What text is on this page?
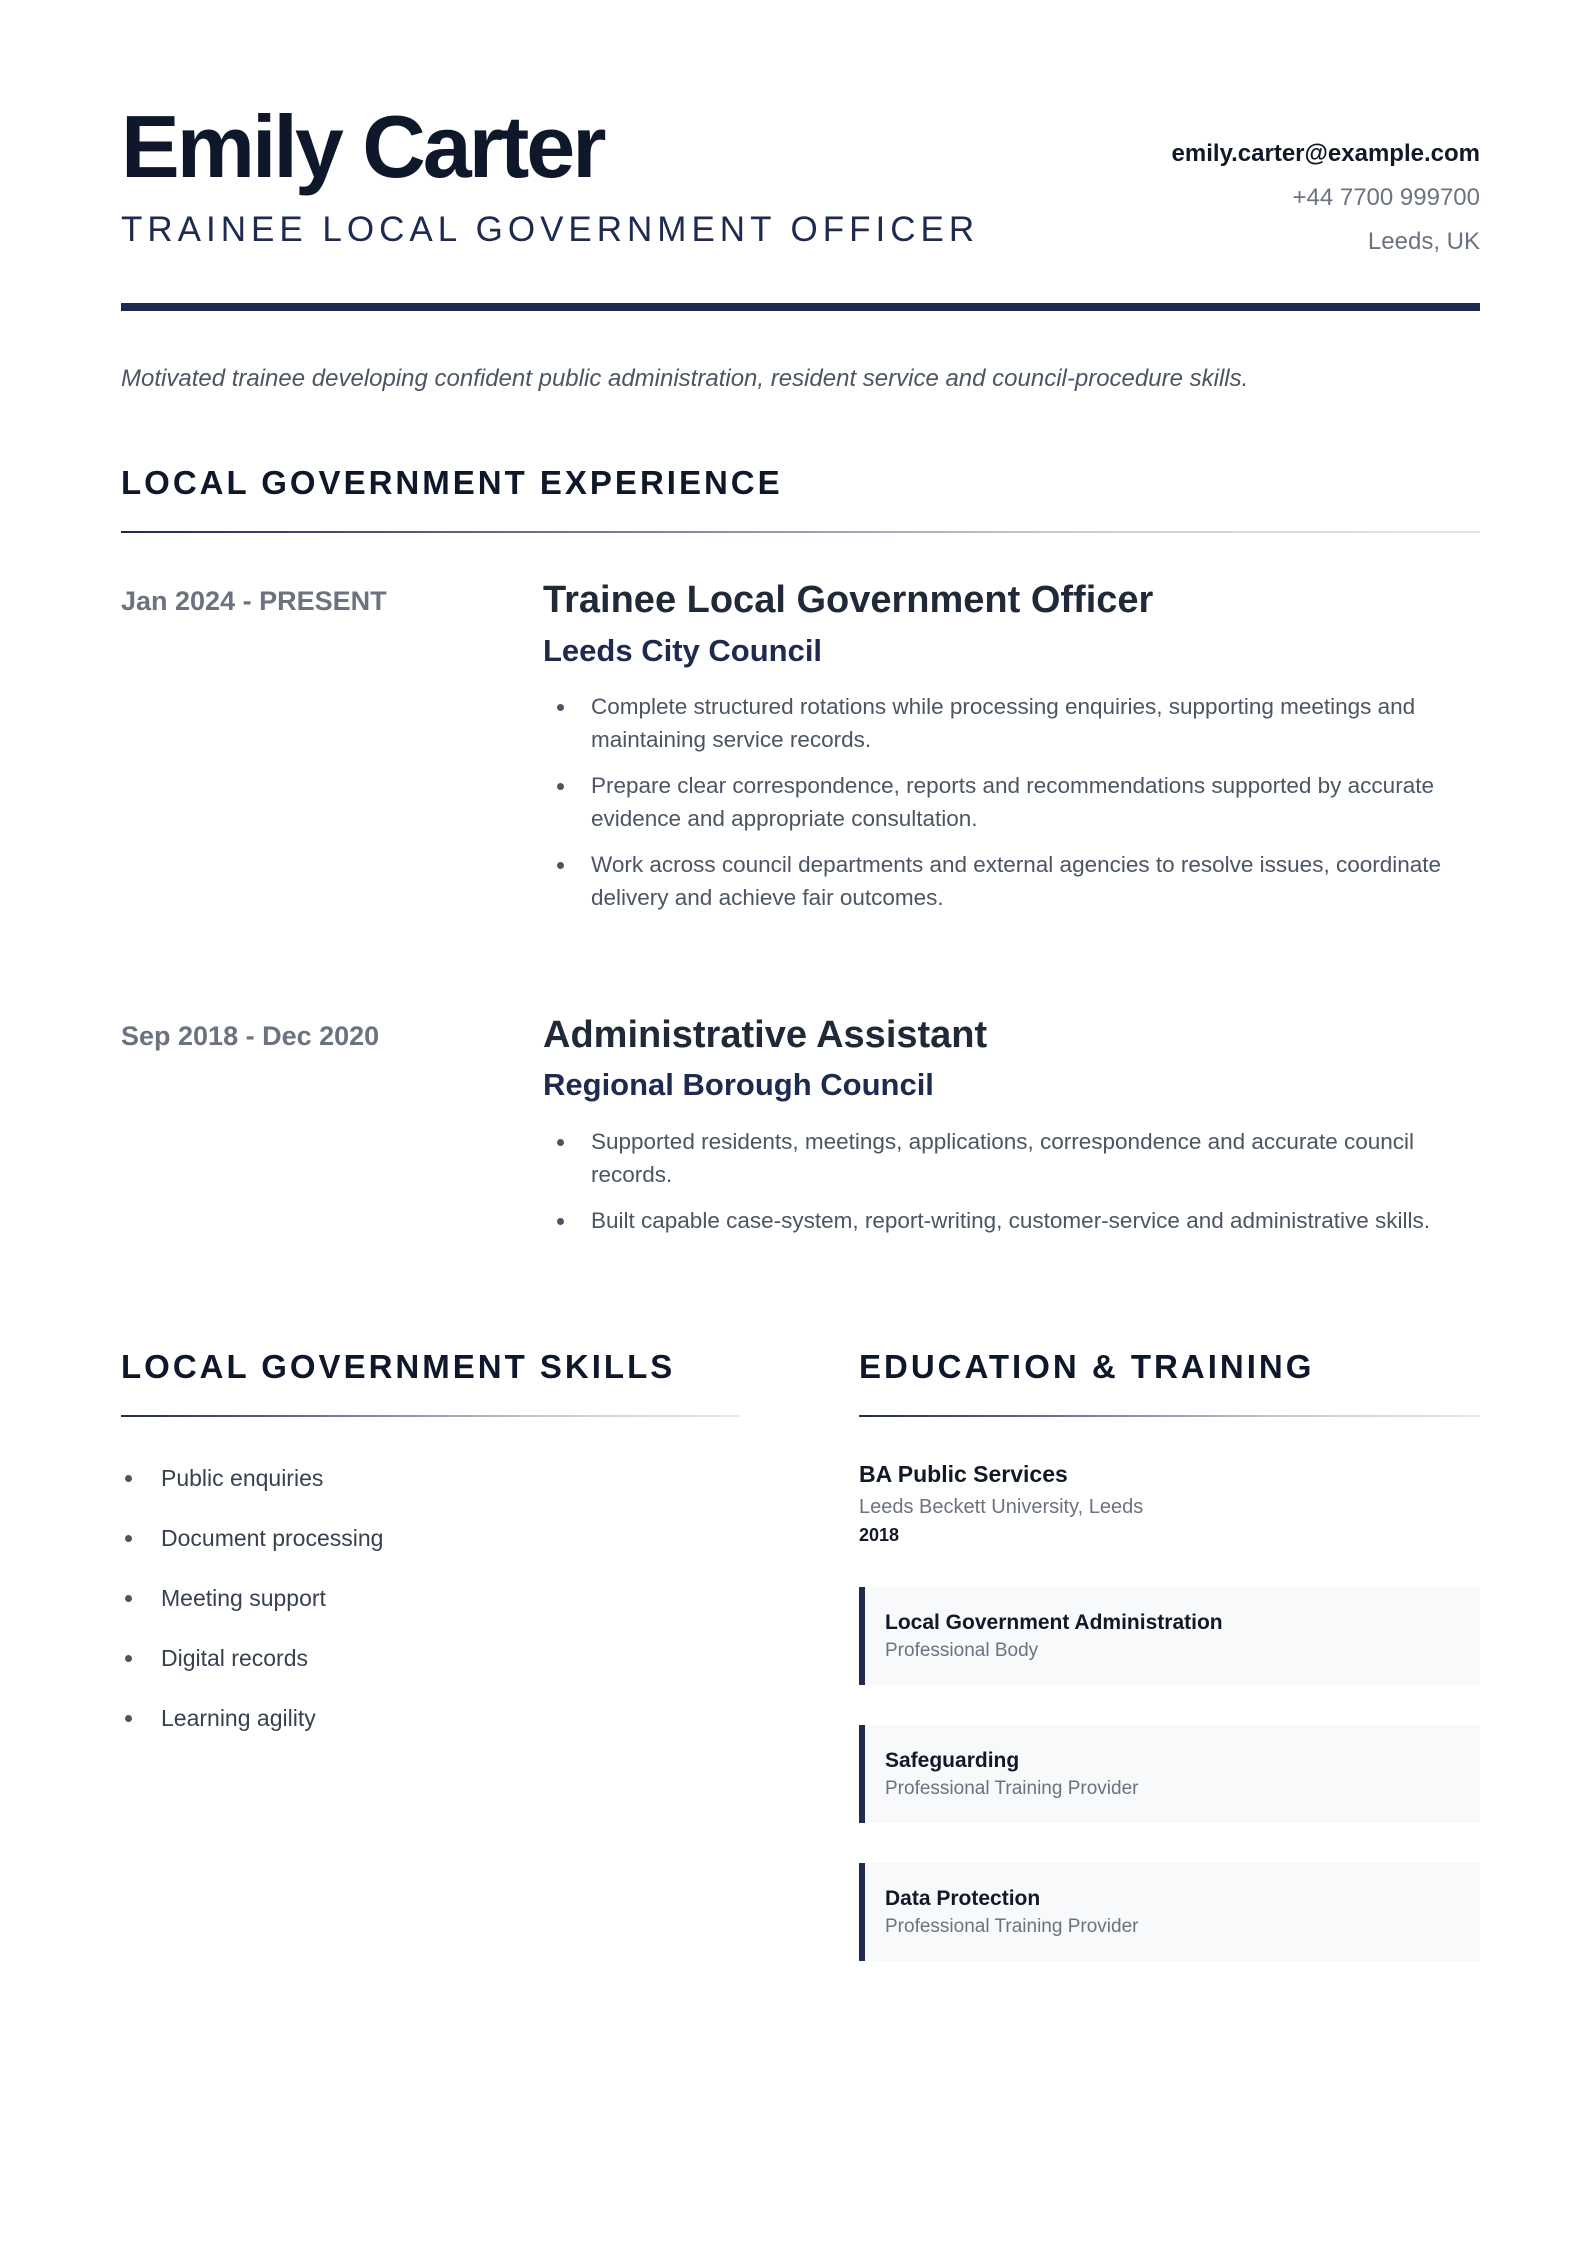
Emily Carter
TRAINEE LOCAL GOVERNMENT OFFICER
emily.carter@example.com
+44 7700 999700
Leeds, UK
Motivated trainee developing confident public administration, resident service and council-procedure skills.
LOCAL GOVERNMENT EXPERIENCE
Jan 2024 - PRESENT	Trainee Local Government Officer
Leeds City Council
Complete structured rotations while processing enquiries, supporting meetings and maintaining service records.
Prepare clear correspondence, reports and recommendations supported by accurate evidence and appropriate consultation.
Work across council departments and external agencies to resolve issues, coordinate delivery and achieve fair outcomes.
Sep 2018 - Dec 2020	Administrative Assistant
Regional Borough Council
Supported residents, meetings, applications, correspondence and accurate council records.
Built capable case-system, report-writing, customer-service and administrative skills.
LOCAL GOVERNMENT SKILLS
Public enquiries
Document processing
Meeting support
Digital records
Learning agility
EDUCATION & TRAINING
BA Public Services
Leeds Beckett University, Leeds
2018
Local Government Administration
Professional Body
Safeguarding
Professional Training Provider
Data Protection
Professional Training Provider
